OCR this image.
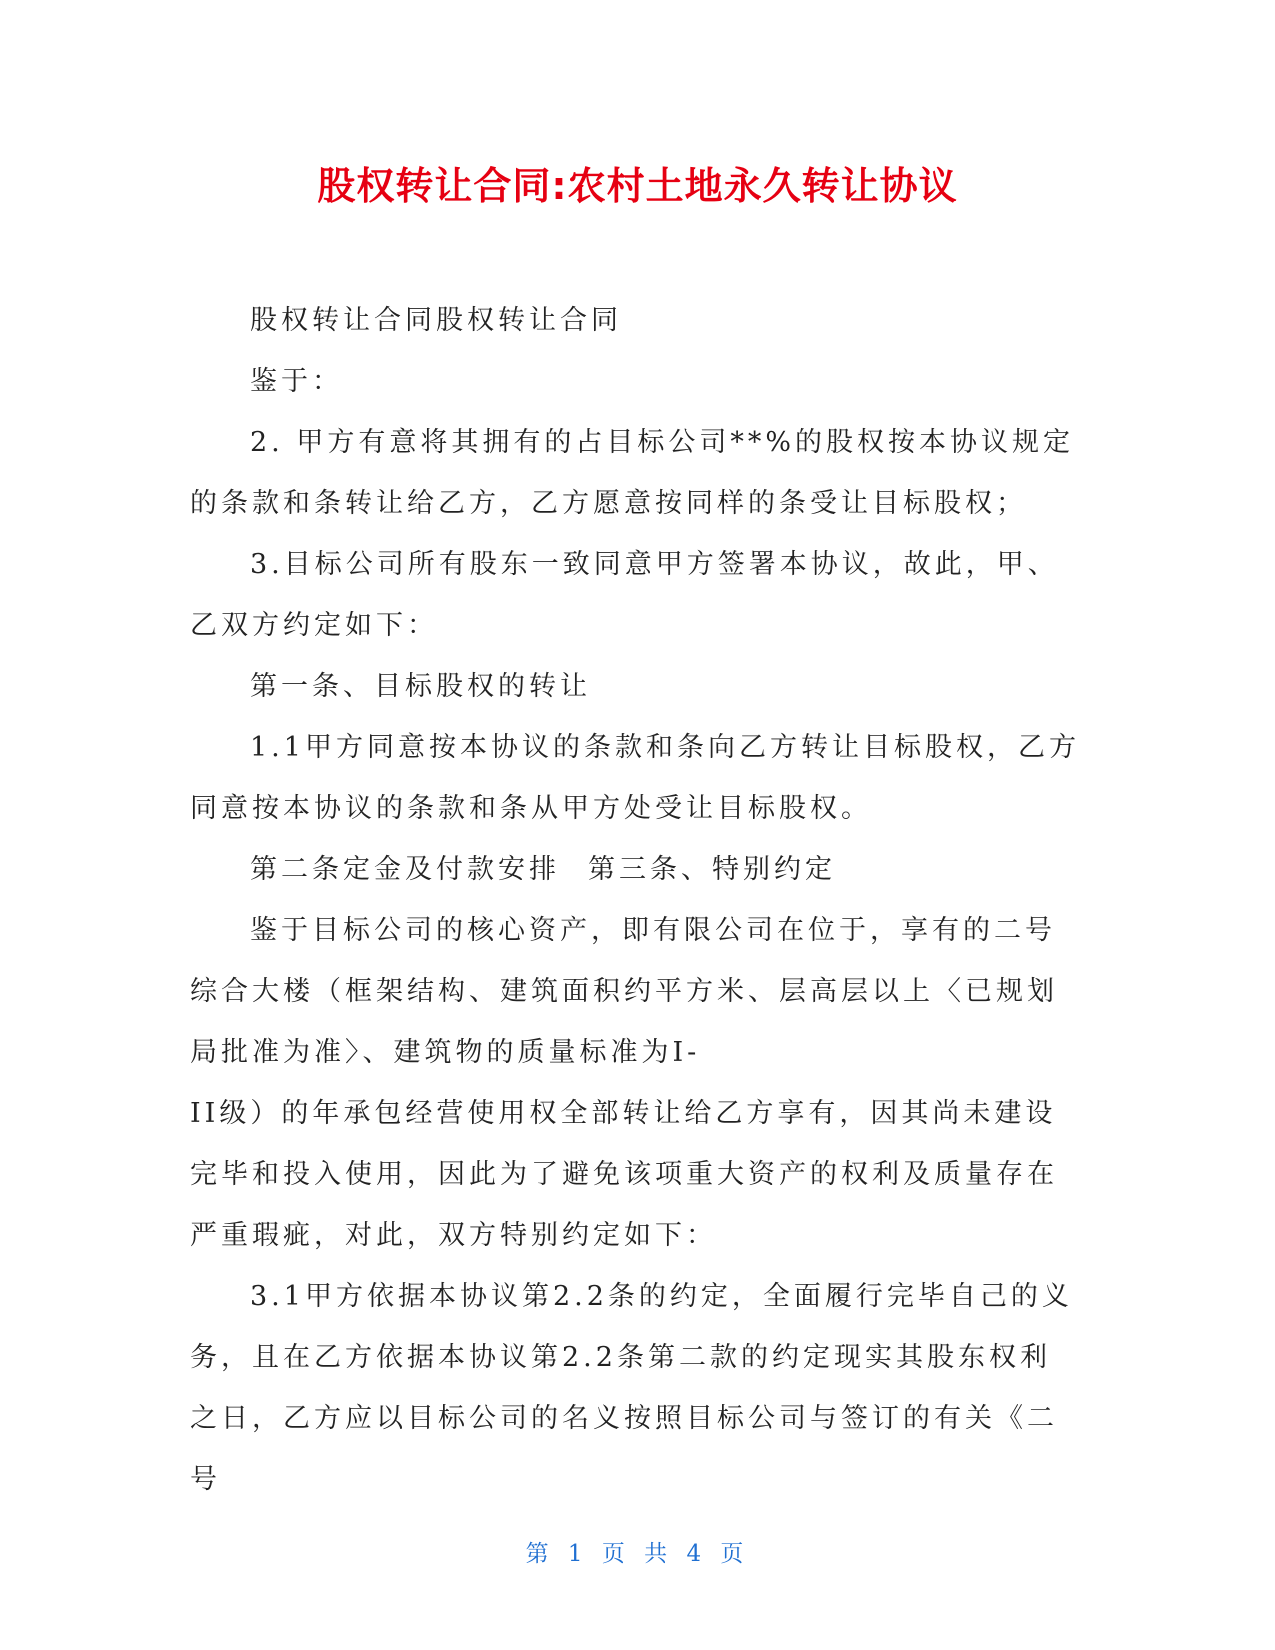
股权转让合同:农村土地永久转让协议

股权转让合同股权转让合同

鉴于：

2. 甲方有意将其拥有的占目标公司**%的股权按本协议规定的条款和条转让给乙方，乙方愿意按同样的条受让目标股权；

3.目标公司所有股东一致同意甲方签署本协议，故此，甲、乙双方约定如下：

第一条、目标股权的转让

1.1甲方同意按本协议的条款和条向乙方转让目标股权，乙方同意按本协议的条款和条从甲方处受让目标股权。

第二条定金及付款安排 第三条、特别约定

鉴于目标公司的核心资产，即有限公司在位于，享有的二号综合大楼（框架结构、建筑面积约平方米、层高层以上〈已规划局批准为准〉、建筑物的质量标准为I-

II级）的年承包经营使用权全部转让给乙方享有，因其尚未建设完毕和投入使用，因此为了避免该项重大资产的权利及质量存在严重瑕疵，对此，双方特别约定如下：

3.1甲方依据本协议第2.2条的约定，全面履行完毕自己的义务，且在乙方依据本协议第2.2条第二款的约定现实其股东权利之日，乙方应以目标公司的名义按照目标公司与签订的有关《二号

第 1 页 共 4 页
